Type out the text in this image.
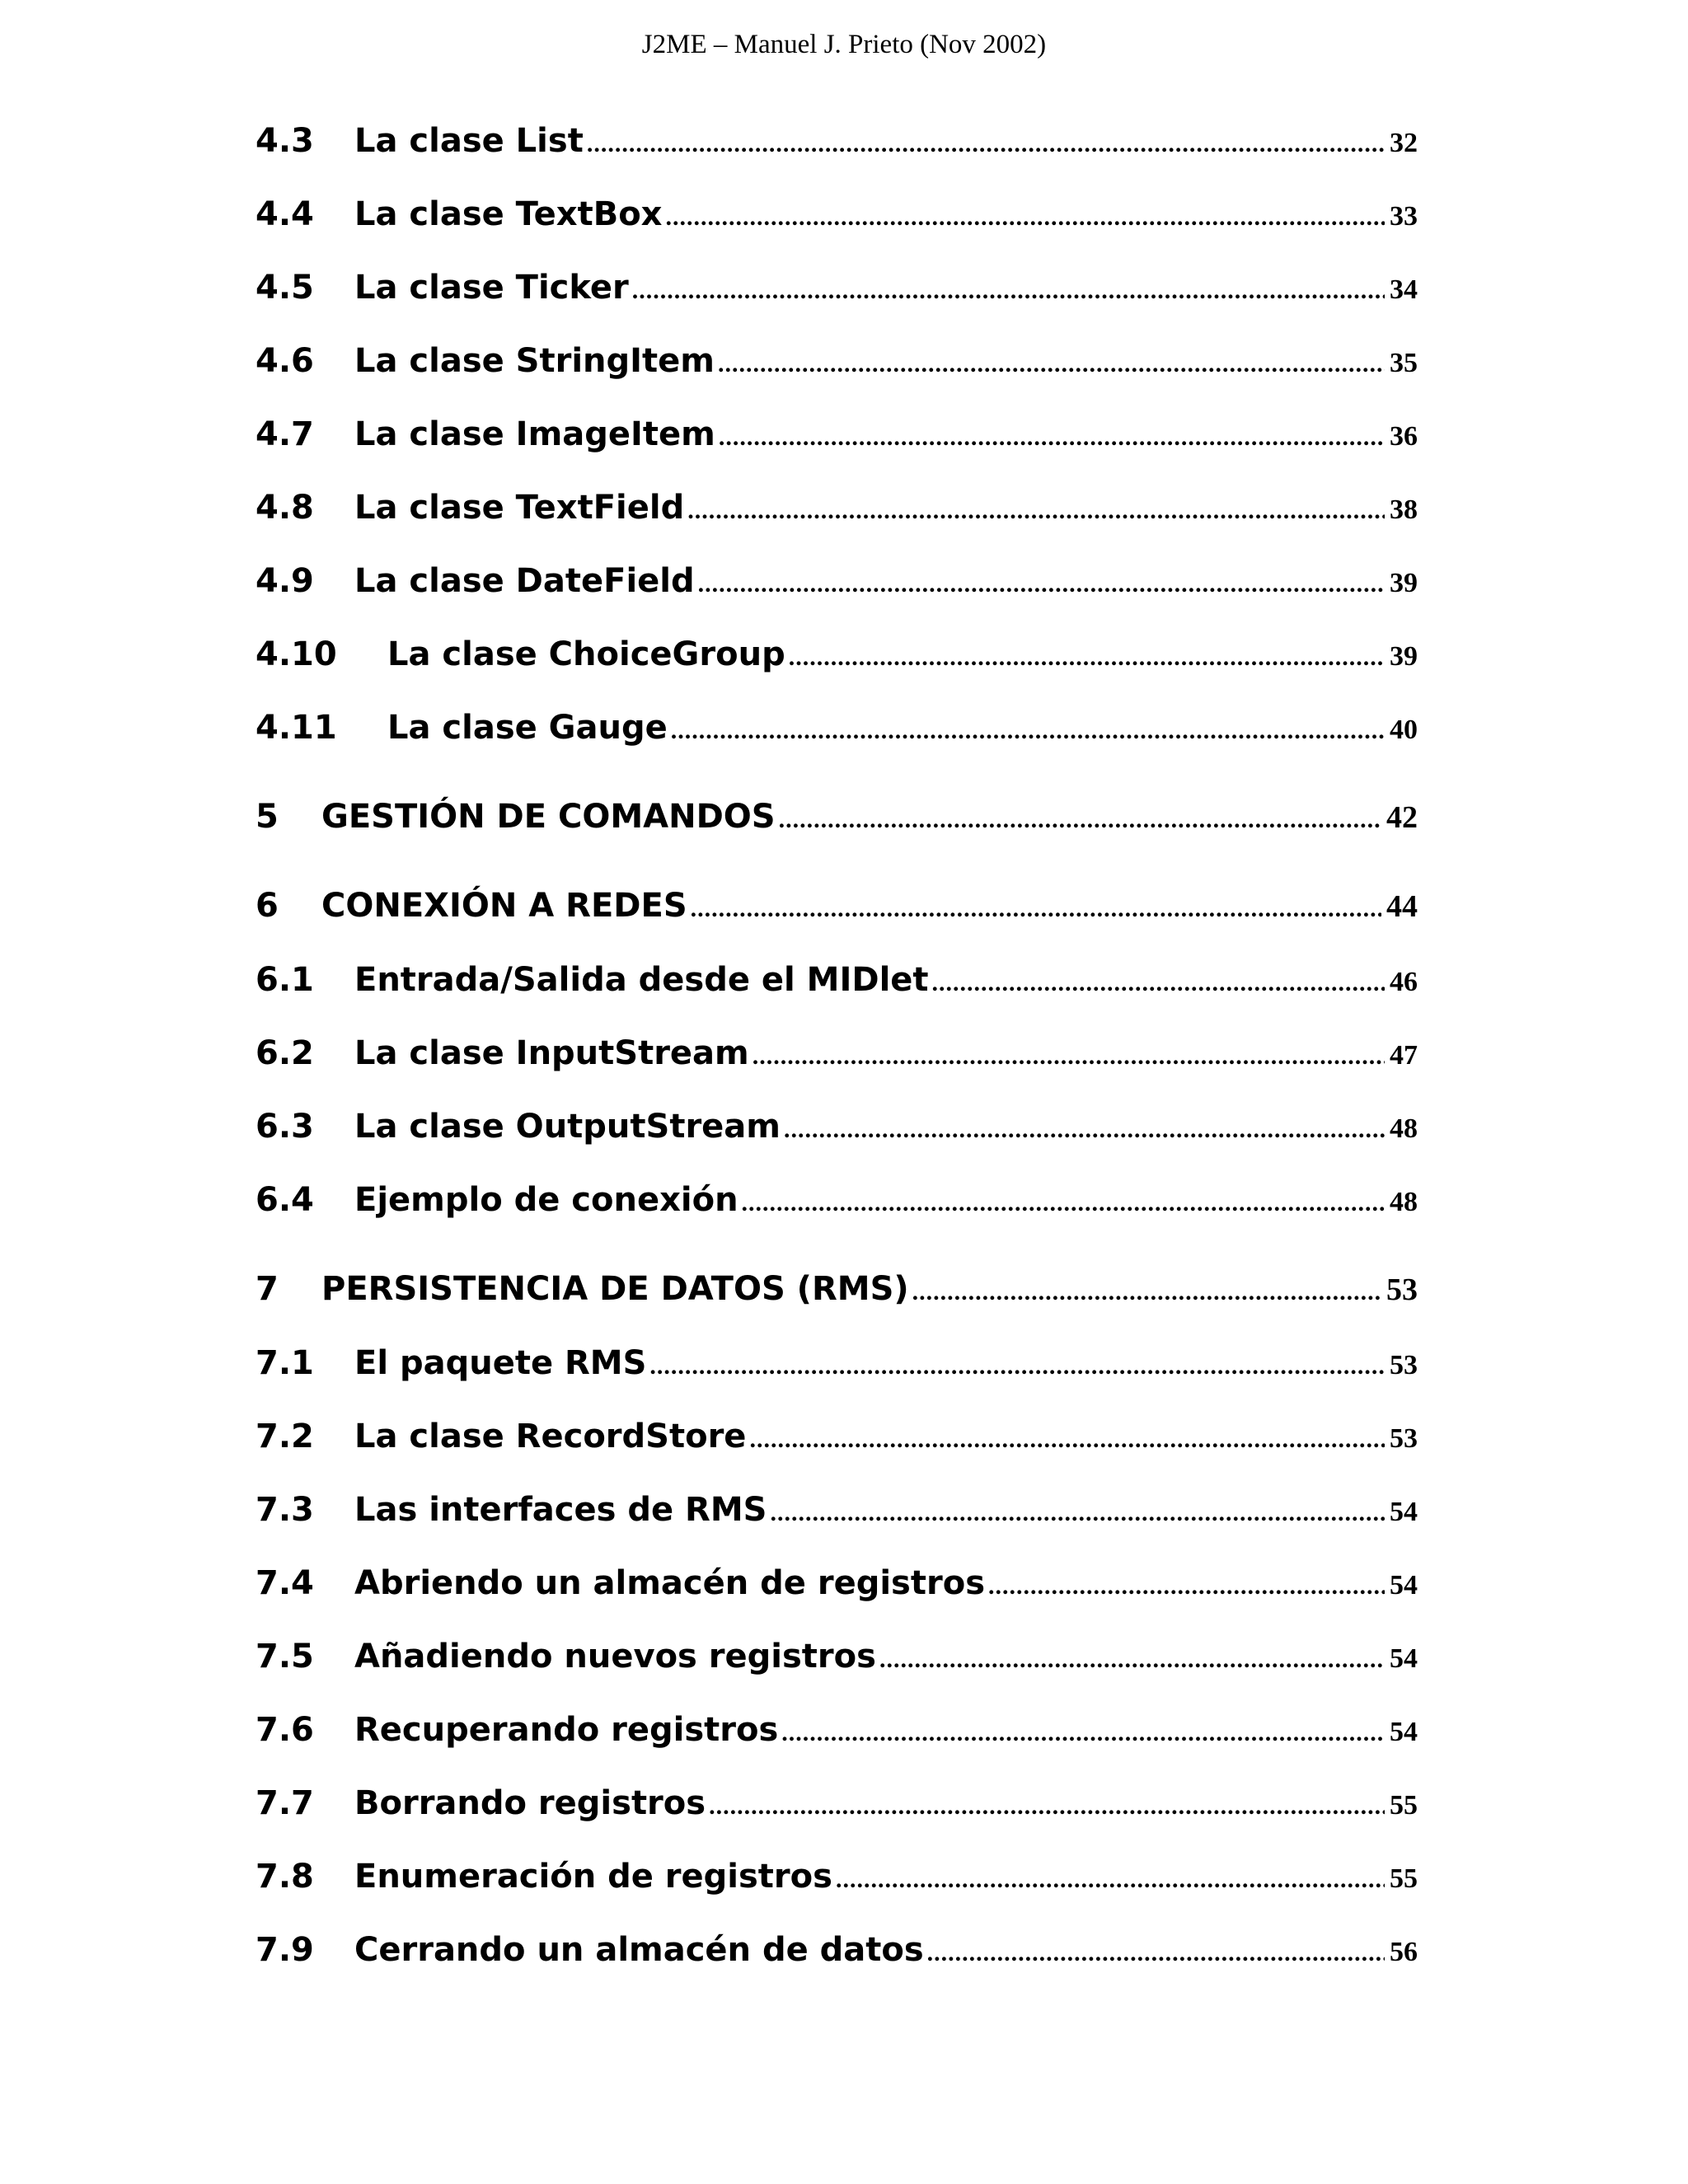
J2ME – Manuel J. Prieto (Nov 2002)
4.3	La clase List .....	32
4.4	La clase TextBox .....	33
4.5	La clase Ticker .....	34
4.6	La clase StringItem .....	35
4.7	La clase ImageItem .....	36
4.8	La clase TextField .....	38
4.9	La clase DateField .....	39
4.10	La clase ChoiceGroup .....	39
4.11	La clase Gauge .....	40
5	GESTIÓN DE COMANDOS .....	42
6	CONEXIÓN A REDES .....	44
6.1	Entrada/Salida desde el MIDlet .....	46
6.2	La clase InputStream .....	47
6.3	La clase OutputStream .....	48
6.4	Ejemplo de conexión .....	48
7	PERSISTENCIA DE DATOS (RMS) .....	53
7.1	El paquete RMS .....	53
7.2	La clase RecordStore .....	53
7.3	Las interfaces de RMS .....	54
7.4	Abriendo un almacén de registros .....	54
7.5	Añadiendo nuevos registros .....	54
7.6	Recuperando registros .....	54
7.7	Borrando registros .....	55
7.8	Enumeración de registros .....	55
7.9	Cerrando un almacén de datos .....	56
